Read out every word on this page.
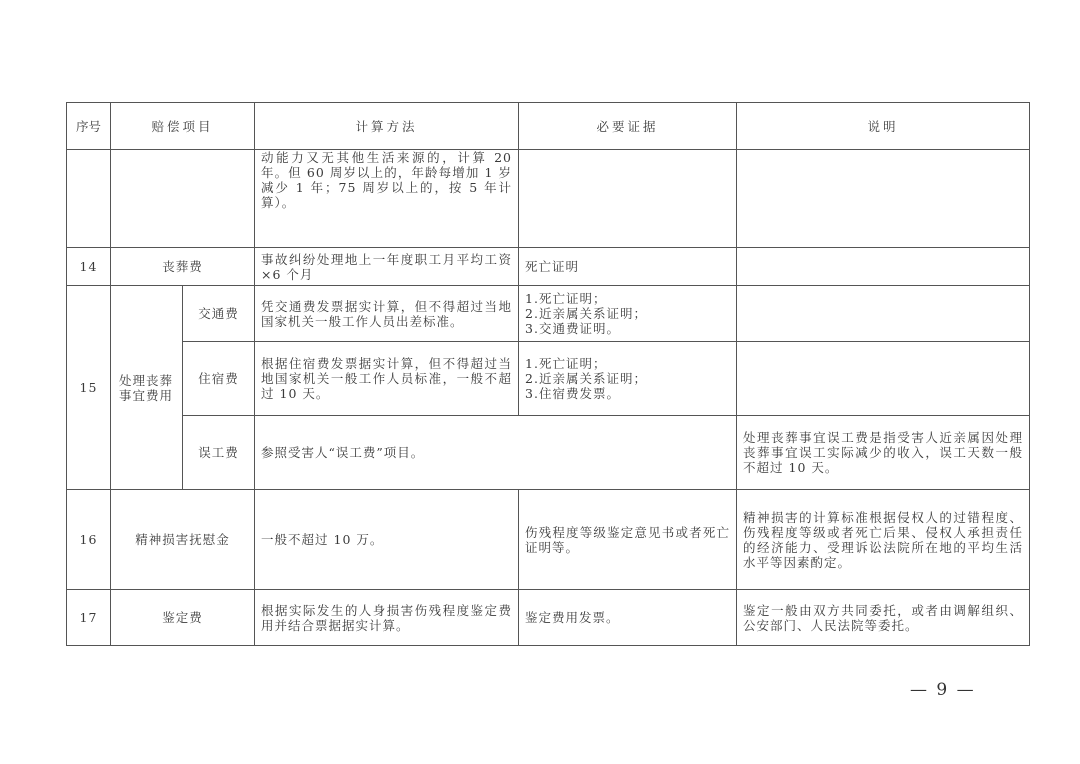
序号	赔偿项目		计算方法	必要证据	说明
			动能力又无其他生活来源的，计算 20 年。但 60 周岁以上的，年龄每增加 1 岁减少 1 年；75 周岁以上的，按 5 年计算）。		
14	丧葬费		事故纠纷处理地上一年度职工月平均工资×6 个月	死亡证明	
15	处理丧葬事宜费用	交通费	凭交通费发票据实计算，但不得超过当地国家机关一般工作人员出差标准。	1.死亡证明；
2.近亲属关系证明；
3.交通费证明。	
		住宿费	根据住宿费发票据实计算，但不得超过当地国家机关一般工作人员标准，一般不超过 10 天。	1.死亡证明；
2.近亲属关系证明；
3.住宿费发票。	
		误工费	参照受害人“误工费”项目。		处理丧葬事宜误工费是指受害人近亲属因处理丧葬事宜误工实际减少的收入，误工天数一般不超过 10 天。
16	精神损害抚慰金		一般不超过 10 万。	伤残程度等级鉴定意见书或者死亡证明等。	精神损害的计算标准根据侵权人的过错程度、伤残程度等级或者死亡后果、侵权人承担责任的经济能力、受理诉讼法院所在地的平均生活水平等因素酌定。
17	鉴定费		根据实际发生的人身损害伤残程度鉴定费用并结合票据据实计算。	鉴定费用发票。	鉴定一般由双方共同委托，或者由调解组织、公安部门、人民法院等委托。
— 9 —
